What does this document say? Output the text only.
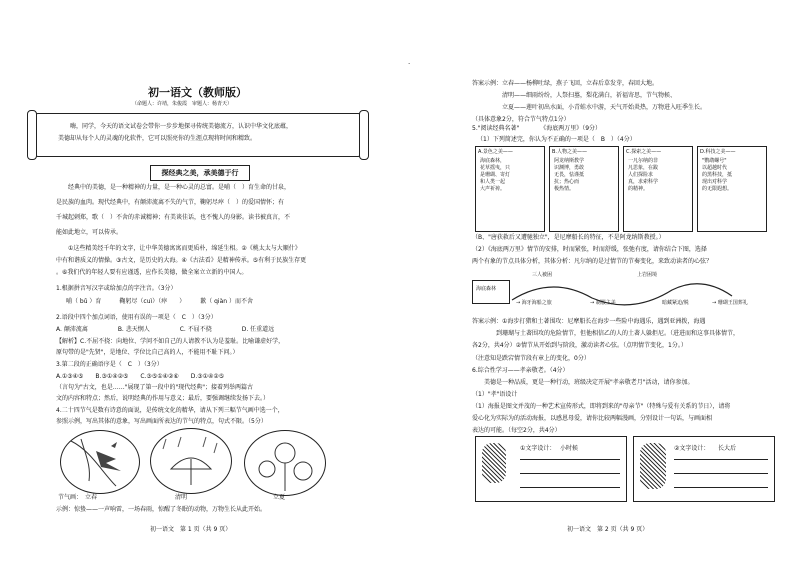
.
初一语文（教师版）
（命题人：许靖，朱俊霞　审题人：杨青天）
　　嗨，同学，今天的语文试卷会带你一步步地探寻传统美德流方，认识中华文化底蕴，
美德却从每个人的灵魂的化软件，它可以照亮你的生涯点现将时间和精致。
探经典之美，承美德于行
　　经典中的美德，是一种精神的力量，是一种心灵的总富。是哺（　）育生命的甘泉，
是民族的血肉。现代经典中，有颠沛流离不失的气节，鞠躬尽瘁（　）的爱国情怀；有
千城起刺郑，歌（　）不舍的赤诚精神；有美谈佳话，也不愧人的身影。读书被真言，不
能如此地立，可以传承。
　　①这些精美经千年的文字，让中华美德寓寓而更质朴，绵延生相。②《桃太太与大顺什》
中有和谐质义的情操。③古文，是历史的大海。④《古法看》是精神传承。⑤有利于民族生存更
。⑥我们代的年轻人要有应谨透，应作长美德，做全案立立新的中国人。
1.根据拼音写汉字或给加点的字注音。（3分）
哺（ bǔ ）育　　　鞠躬尽（cuì）（瘁　　）　　　歉（ qiàn ）而不舍
2.语段中四个加点词语，使用有误的一项是（　C　）（3分）
A. 颠沛流离　　　　　B. 悲天悯人　　　　　C. 不屈不挠　　　　　D. 任重道远
【解析】C.不屈不挠：向地位、学问不如自己的人请教不认为是羞耻。比喻谦虚好学，
原句带的是"先贤"，是地位、学位比自己高的人，不能用不耻下问。）
3.第二段的正确语序是（　C　）（3分）
A.①③④⑤　　B.③①④②⑤　　C.③⑤①④②⑥　　D.③①④②⑤
（言句为"古文，也是……"展现了第一段中的"现代经典"；接着列举两篇古
文的内容和特点；然后，说明经典的作用与意义；最后，要强调继续发扬下去。）
4.二十四节气是数有诗意的面说，是传统文化的精华，请从下列三幅节气画中选一个，
参照示例，写出其体的意象，写出画面所表达的节气的特点，句式不限。（5分）
节气画：　立春	清明	立夏
示例：惊蛰——一声响雷，一场春雨，惊醒了冬眠的动物，万物生长从此开始。
初一语文　第 1 页（共 9 页）
答案示例：立春——杨柳吐绿，燕子飞回，立春后草发芽，春回大地。
　　　　　清明——细雨纷纷，人祭扫墓，梨花满白，祈福寄思，节气物候、
　　　　　立夏——莲叶初出水面，小青蛙水中游，天气开始炎热，万物进入旺季生长。
（具体意象2分，符合节气特点1分）
5."阅读经典名著"　　　　《海底两万里》（9分）
（1）下列简述完，你认为不正确的一项是（　B　）（4分）
A.景色之美——
海底森林，
花草摇曳，只
是珊瑚、寄灯
和人类一起
大声祈祷。
B.人物之美——
阿龙纳斯教学
识渊博，勇敢
无畏，怯谨抵
抗；热心而
极热情。
C.探索之美——
一凡尔纳的非
凡思象，在跋
人们探险求
真，求索科学
的精神。
D.科技之美——
"鹦鹉螺号"
以超越时代
的黑科技，抵
现出对科学
的无限遐想。
（B、"唐获救后又遭驰独立"，是尼摩船长的特征，不是阿龙纳斯教授。）
（2）《海底两万里》情节的安排，时而紧张，时而舒缓，张弛有度，请你结合下图，选择
两个有象的节点具体分析，其体分析：凡尔纳的是过情节的节奏变化，来致动读者的心弦？
三人被困	上岩困境
海底森林
→ 海牙海船之旅	→ 制服主美	暗藏紧迫/脱	→ 珊瑚王国葬礼
答案示例：①海步打猎和土著围攻：尼摩船长在海步一些险中海遇乐，遇到亚洲拨，海遇
　　　　到珊瑚与土著围攻的危险情节，但他相信乙的人的土著人躲拒尼。（进进而和这事具体情节，
各2分，共4分）②情节从开始到与阶段，激动读者心弦。（点明情节变化，1分。）
（注意知是跌宕情节段有章上的变化，0分）
6.综合性学习——孝亲敬老。（4分）
　　美德是一种品质，更是一种行动，班级决定开展"孝亲敬老月"活动，请你参加。
（1）"孝"语设计
（1）海报是图文并茂的一种艺术宣传形式，即将到来的"母亲节"（特殊与爱有关系的节日），请将
爱心化为实际为的活动海报，以感恩母爱，请你比较两幅漫画，分别设计一句话，与画面相
表达的可能。（每空2分，共4分）
①文字设计： 小时候	②文字设计： 长大后
初一语文　第 2 页（共 9 页）
